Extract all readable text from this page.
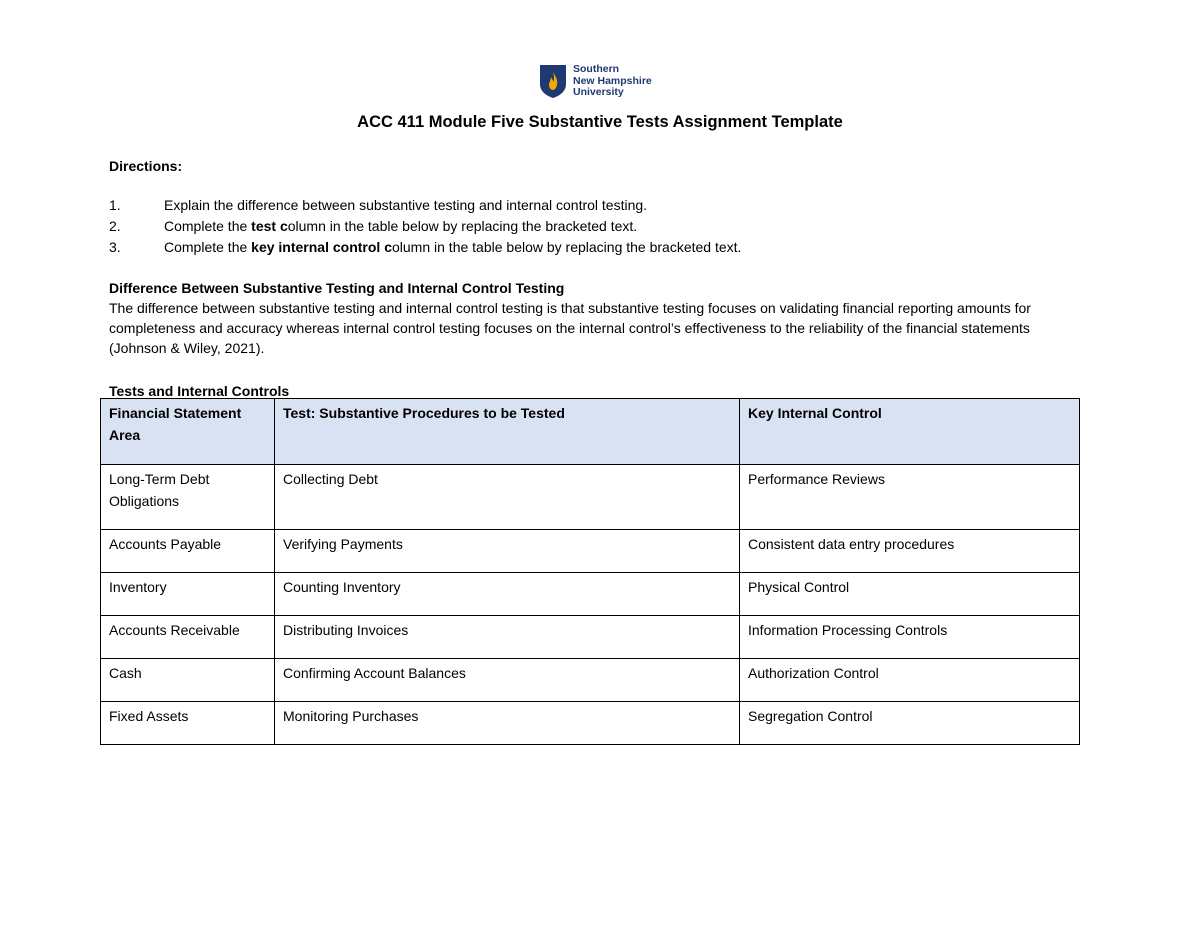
Southern
New Hampshire
University
ACC 411 Module Five Substantive Tests Assignment Template
Directions:
1.	Explain the difference between substantive testing and internal control testing.
2.	Complete the test column in the table below by replacing the bracketed text.
3.	Complete the key internal control column in the table below by replacing the bracketed text.
Difference Between Substantive Testing and Internal Control Testing
The difference between substantive testing and internal control testing is that substantive testing focuses on validating financial reporting amounts for completeness and accuracy whereas internal control testing focuses on the internal control’s effectiveness to the reliability of the financial statements (Johnson & Wiley, 2021).
Tests and Internal Controls
Financial Statement Area	Test: Substantive Procedures to be Tested	Key Internal Control
Long-Term Debt Obligations	Collecting Debt	Performance Reviews
Accounts Payable	Verifying Payments	Consistent data entry procedures
Inventory	Counting Inventory	Physical Control
Accounts Receivable	Distributing Invoices	Information Processing Controls
Cash	Confirming Account Balances	Authorization Control
Fixed Assets	Monitoring Purchases	Segregation Control
